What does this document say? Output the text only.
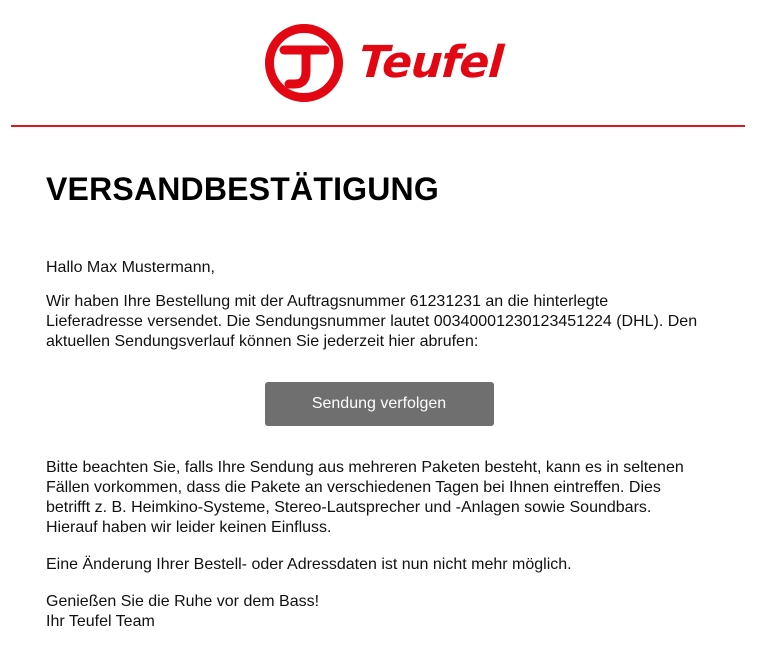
Teufel
VERSANDBESTÄTIGUNG

Hallo Max Mustermann,

Wir haben Ihre Bestellung mit der Auftragsnummer 61231231 an die hinterlegte Lieferadresse versendet. Die Sendungsnummer lautet 00340001230123451224 (DHL). Den aktuellen Sendungsverlauf können Sie jederzeit hier abrufen:

Sendung verfolgen

Bitte beachten Sie, falls Ihre Sendung aus mehreren Paketen besteht, kann es in seltenen Fällen vorkommen, dass die Pakete an verschiedenen Tagen bei Ihnen eintreffen. Dies betrifft z. B. Heimkino-Systeme, Stereo-Lautsprecher und -Anlagen sowie Soundbars. Hierauf haben wir leider keinen Einfluss.

Eine Änderung Ihrer Bestell- oder Adressdaten ist nun nicht mehr möglich.

Genießen Sie die Ruhe vor dem Bass!

Ihr Teufel Team
